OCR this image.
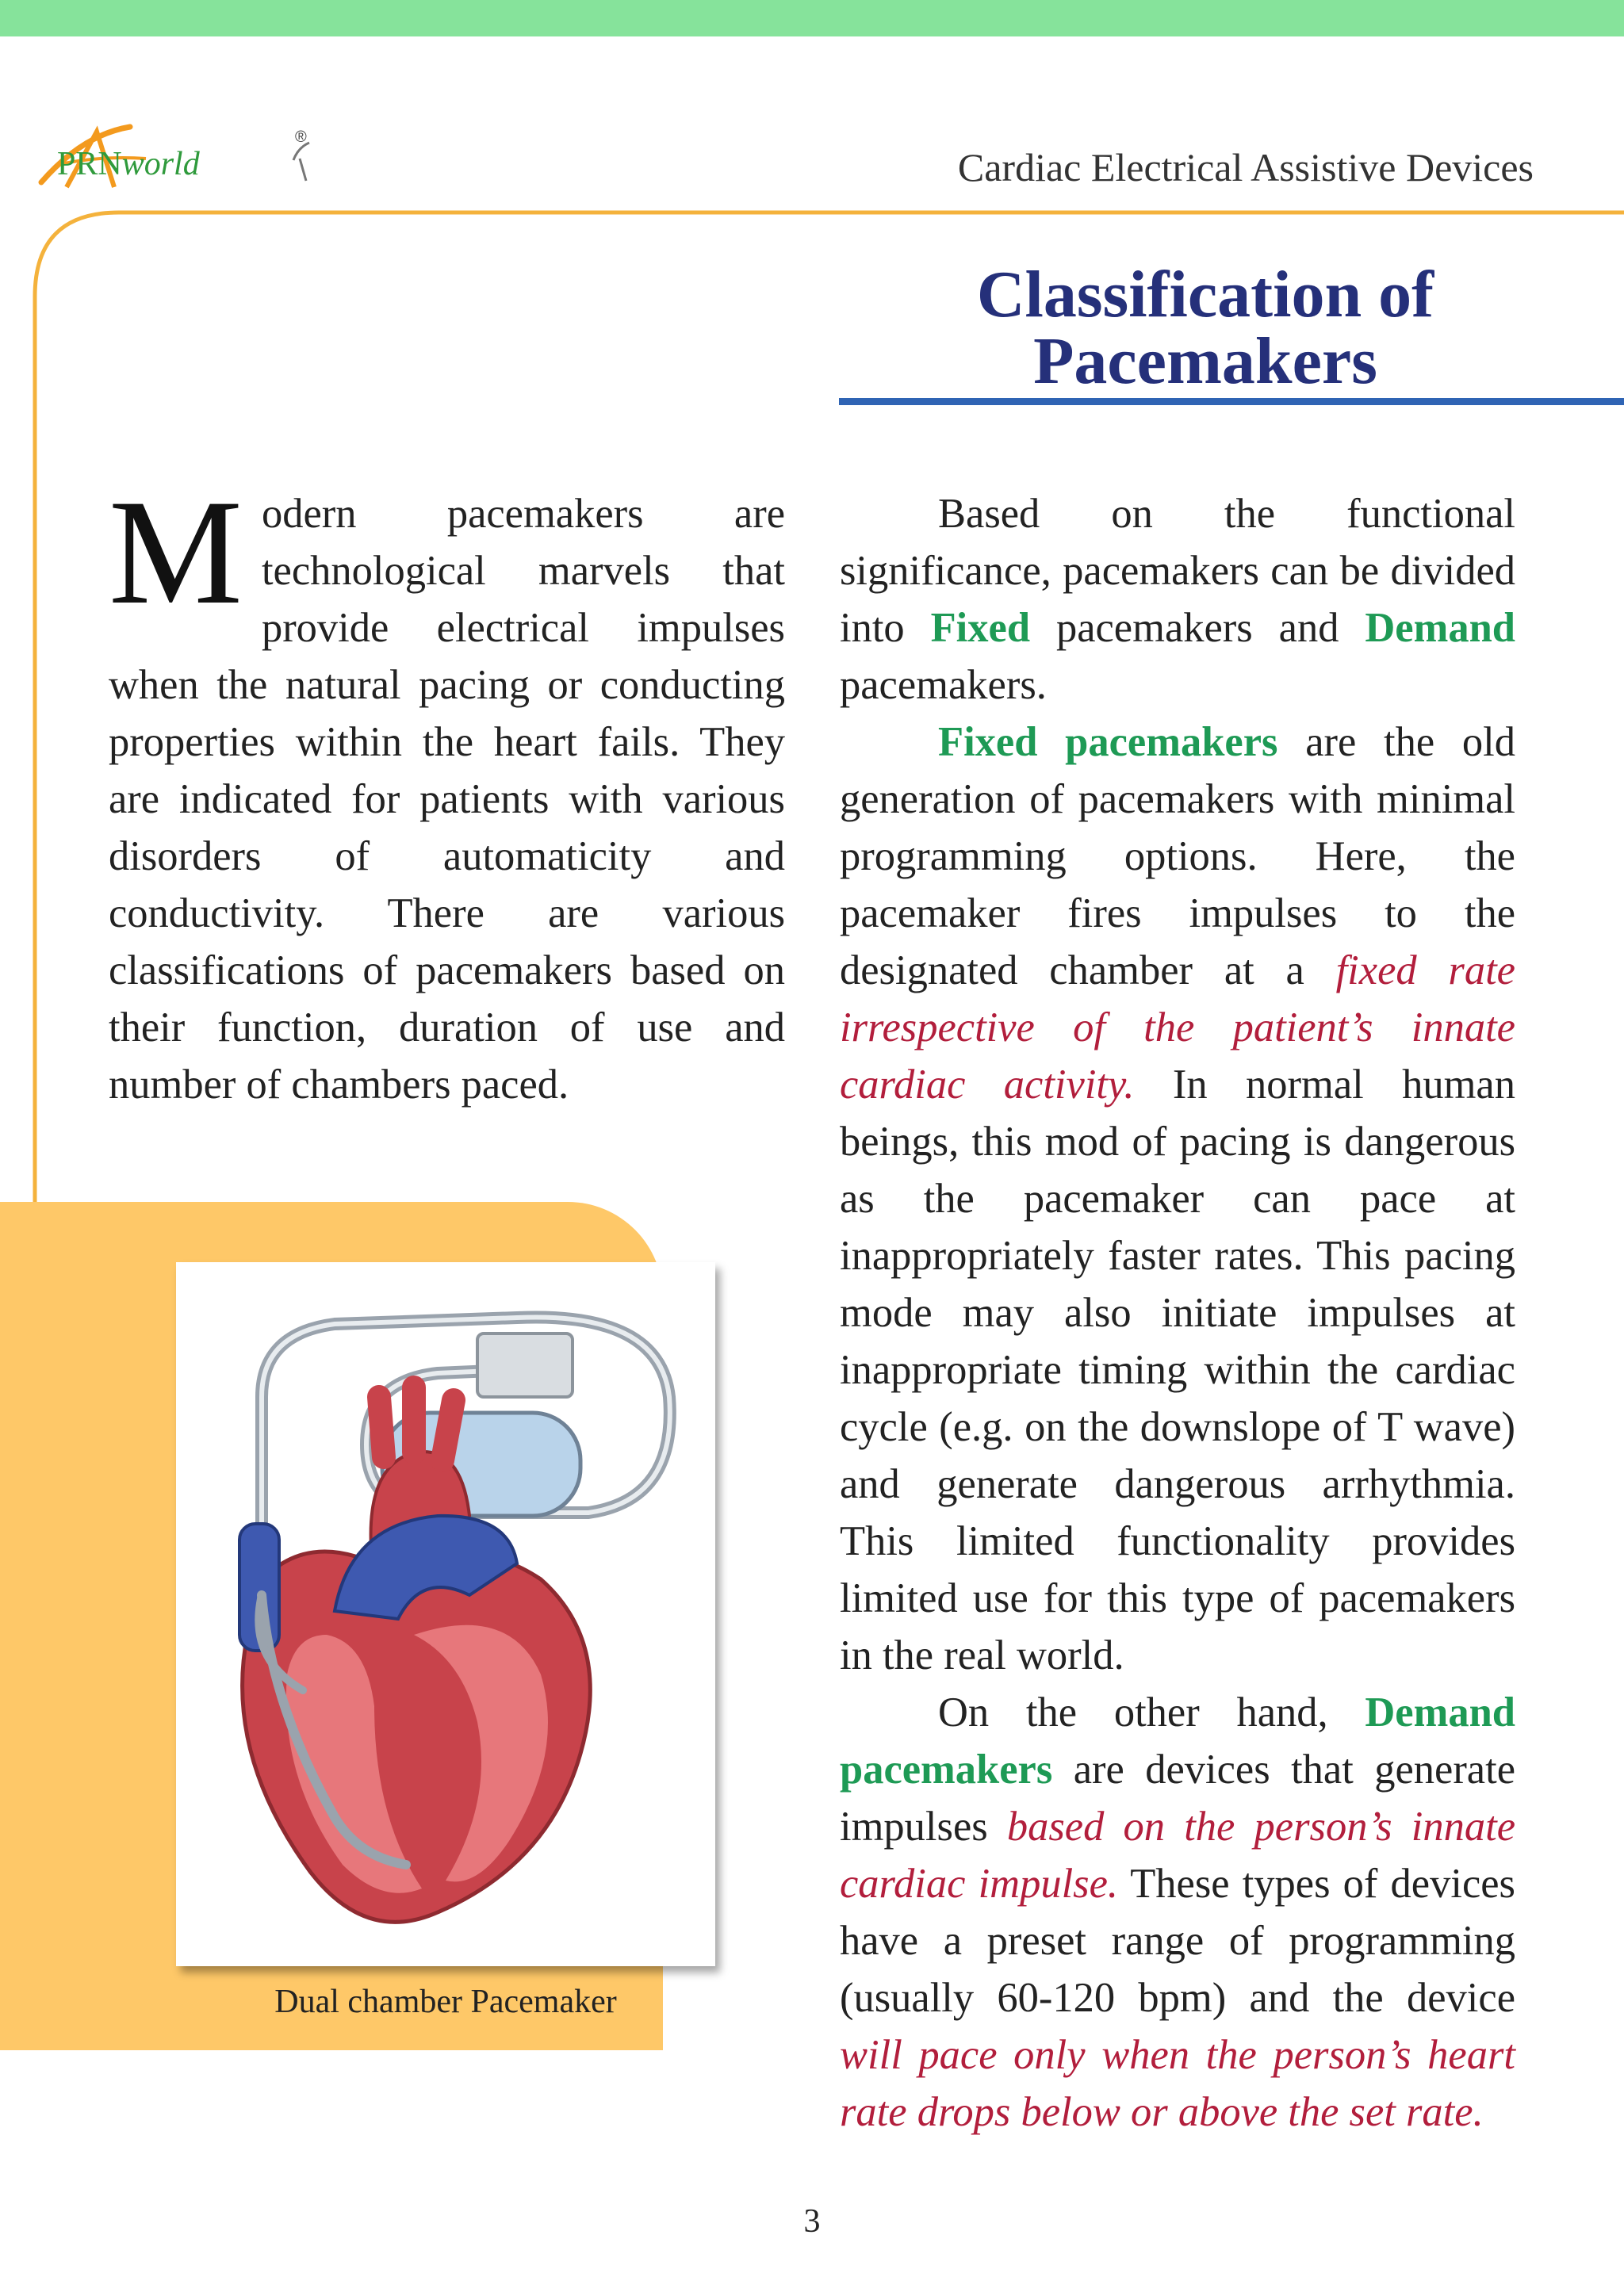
PRNworld
®
Cardiac Electrical Assistive Devices
Classification of
Pacemakers

Modern pacemakers are technological marvels that provide electrical impulses when the natural pacing or conducting properties within the heart fails. They are indicated for patients with various disorders of automaticity and conductivity. There are various classifications of pacemakers based on their function, duration of use and number of chambers paced.

Based on the functional significance, pacemakers can be divided into Fixed pacemakers and Demand pacemakers.

Fixed pacemakers are the old generation of pacemakers with minimal programming options. Here, the pacemaker fires impulses to the designated chamber at a fixed rate irrespective of the patient’s innate cardiac activity. In normal human beings, this mod of pacing is dangerous as the pacemaker can pace at inappropriately faster rates. This pacing mode may also initiate impulses at inappropriate timing within the cardiac cycle (e.g. on the downslope of T wave) and generate dangerous arrhythmia. This limited functionality provides limited use for this type of pacemakers in the real world.

On the other hand, Demand pacemakers are devices that generate impulses based on the person’s innate cardiac impulse. These types of devices have a preset range of programming (usually 60-120 bpm) and the device will pace only when the person’s heart rate drops below or above the set rate.

Dual chamber Pacemaker
3
